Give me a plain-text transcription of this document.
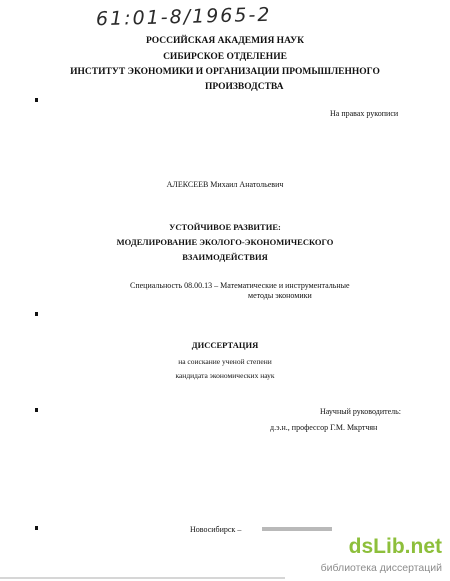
61:01-8/1965-2
РОССИЙСКАЯ АКАДЕМИЯ НАУК
СИБИРСКОЕ ОТДЕЛЕНИЕ
ИНСТИТУТ ЭКОНОМИКИ И ОРГАНИЗАЦИИ ПРОМЫШЛЕННОГО
ПРОИЗВОДСТВА
На правах рукописи
АЛЕКСЕЕВ Михаил Анатольевич
УСТОЙЧИВОЕ РАЗВИТИЕ:
МОДЕЛИРОВАНИЕ ЭКОЛОГО-ЭКОНОМИЧЕСКОГО
ВЗАИМОДЕЙСТВИЯ
Специальность 08.00.13 – Математические и инструментальные
методы экономики
ДИССЕРТАЦИЯ
на соискание ученой степени
кандидата экономических наук
Научный руководитель:
д.э.н., профессор Г.М. Мкртчян
Новосибирск –
dsLib.net
библиотека диссертаций
